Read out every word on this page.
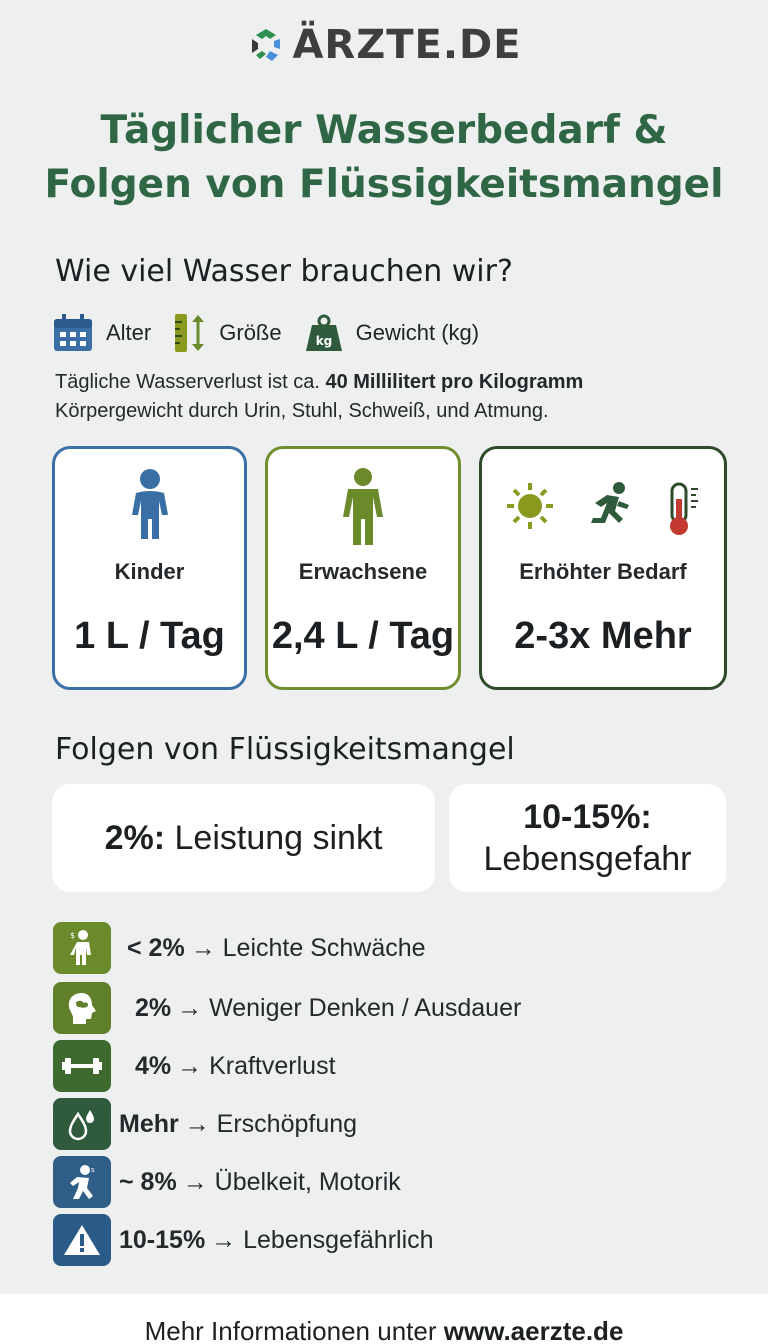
ÄRZTE.DE
Täglicher Wasserbedarf &
Folgen von Flüssigkeitsmangel
Wie viel Wasser brauchen wir?
Alter	Größe	kg Gewicht (kg)
Tägliche Wasserverlust ist ca. 40 Millilitert pro Kilogramm
Körpergewicht durch Urin, Stuhl, Schweiß, und Atmung.
Kinder
1 L / Tag
Erwachsene
2,4 L / Tag
Erhöhter Bedarf
2-3x Mehr
Folgen von Flüssigkeitsmangel
2%: Leistung sinkt
10-15%:
Lebensgefahr
$ < 2% → Leichte Schwäche
2% → Weniger Denken / Ausdauer
4% → Kraftverlust
Mehr → Erschöpfung
s ~ 8% → Übelkeit, Motorik
10-15% → Lebensgefährlich
Mehr Informationen unter www.aerzte.de
